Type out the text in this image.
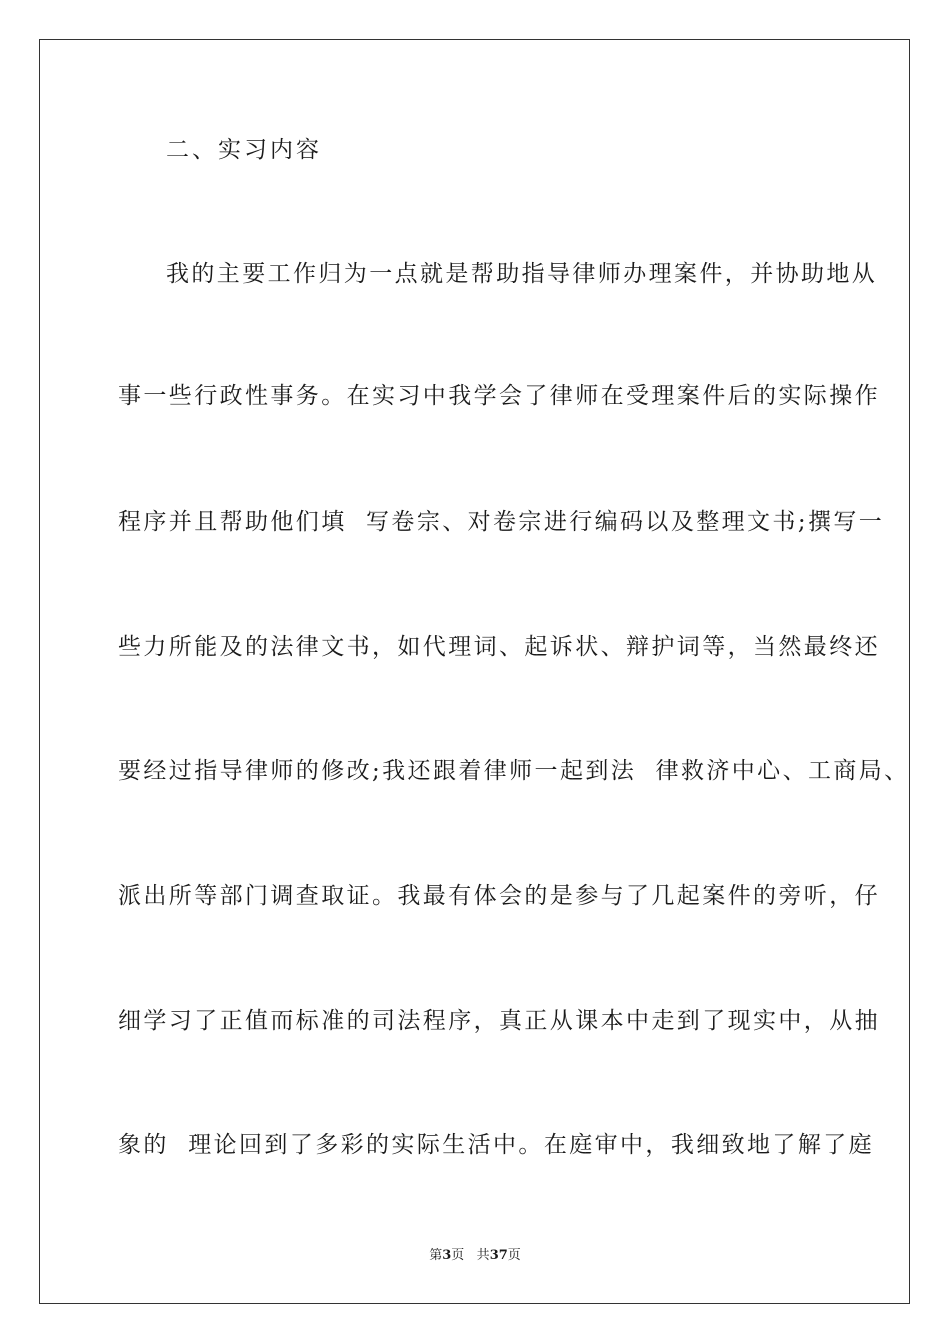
二、实习内容
我的主要工作归为一点就是帮助指导律师办理案件，并协助地从
事一些行政性事务。在实习中我学会了律师在受理案件后的实际操作
程序并且帮助他们填  写卷宗、对卷宗进行编码以及整理文书;撰写一
些力所能及的法律文书，如代理词、起诉状、辩护词等，当然最终还
要经过指导律师的修改;我还跟着律师一起到法  律救济中心、工商局、
派出所等部门调查取证。我最有体会的是参与了几起案件的旁听，仔
细学习了正值而标准的司法程序，真正从课本中走到了现实中，从抽
象的  理论回到了多彩的实际生活中。在庭审中，我细致地了解了庭
第3页 共37页
